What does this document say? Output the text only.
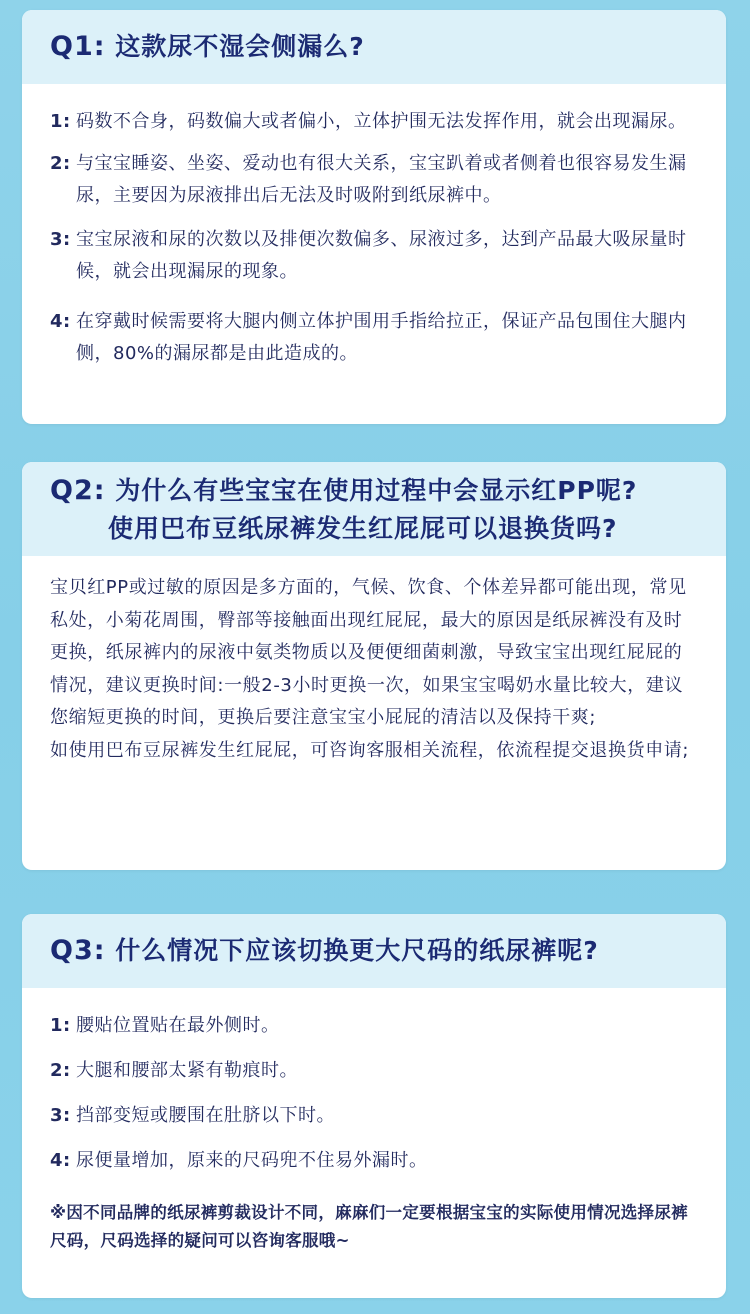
Q1: 这款尿不湿会侧漏么?
1: 码数不合身，码数偏大或者偏小，立体护围无法发挥作用，就会出现漏尿。
2: 与宝宝睡姿、坐姿、爱动也有很大关系，宝宝趴着或者侧着也很容易发生漏尿，主要因为尿液排出后无法及时吸附到纸尿裤中。
3: 宝宝尿液和尿的次数以及排便次数偏多、尿液过多，达到产品最大吸尿量时候，就会出现漏尿的现象。
4: 在穿戴时候需要将大腿内侧立体护围用手指给拉正，保证产品包围住大腿内侧，80%的漏尿都是由此造成的。
Q2: 为什么有些宝宝在使用过程中会显示红PP呢?
使用巴布豆纸尿裤发生红屁屁可以退换货吗?
宝贝红PP或过敏的原因是多方面的，气候、饮食、个体差异都可能出现，常见私处，小菊花周围，臀部等接触面出现红屁屁，最大的原因是纸尿裤没有及时更换，纸尿裤内的尿液中氨类物质以及便便细菌刺激，导致宝宝出现红屁屁的情况，建议更换时间:一般2-3小时更换一次，如果宝宝喝奶水量比较大，建议您缩短更换的时间，更换后要注意宝宝小屁屁的清洁以及保持干爽;
如使用巴布豆尿裤发生红屁屁，可咨询客服相关流程，依流程提交退换货申请;
Q3: 什么情况下应该切换更大尺码的纸尿裤呢?
1: 腰贴位置贴在最外侧时。
2: 大腿和腰部太紧有勒痕时。
3: 挡部变短或腰围在肚脐以下时。
4: 尿便量增加，原来的尺码兜不住易外漏时。
※因不同品牌的纸尿裤剪裁设计不同，麻麻们一定要根据宝宝的实际使用情况选择尿裤尺码，尺码选择的疑问可以咨询客服哦~
